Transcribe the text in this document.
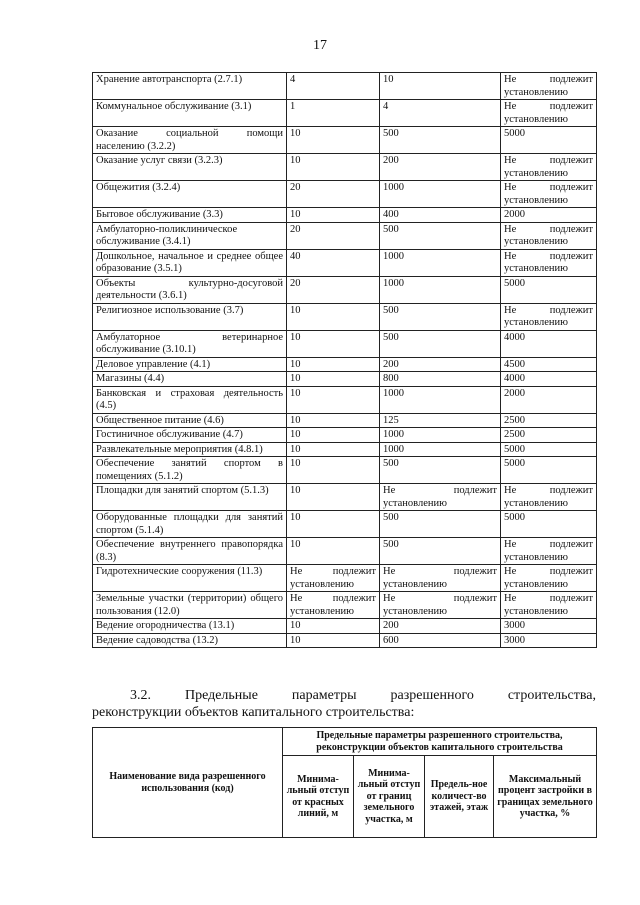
17
Хранение автотранспорта (2.7.1)	4	10	Не подлежит установлению
Коммунальное обслуживание (3.1)	1	4	Не подлежит установлению
Оказание социальной помощи населению (3.2.2)	10	500	5000
Оказание услуг связи (3.2.3)	10	200	Не подлежит установлению
Общежития (3.2.4)	20	1000	Не подлежит установлению
Бытовое обслуживание (3.3)	10	400	2000
Амбулаторно-поликлиническое обслуживание (3.4.1)	20	500	Не подлежит установлению
Дошкольное, начальное и среднее общее образование (3.5.1)	40	1000	Не подлежит установлению
Объекты культурно-досуговой деятельности (3.6.1)	20	1000	5000
Религиозное использование (3.7)	10	500	Не подлежит установлению
Амбулаторное ветеринарное обслуживание (3.10.1)	10	500	4000
Деловое управление (4.1)	10	200	4500
Магазины (4.4)	10	800	4000
Банковская и страховая деятельность (4.5)	10	1000	2000
Общественное питание (4.6)	10	125	2500
Гостиничное обслуживание (4.7)	10	1000	2500
Развлекательные мероприятия (4.8.1)	10	1000	5000
Обеспечение занятий спортом в помещениях (5.1.2)	10	500	5000
Площадки для занятий спортом (5.1.3)	10	Не подлежит установлению	Не подлежит установлению
Оборудованные площадки для занятий спортом (5.1.4)	10	500	5000
Обеспечение внутреннего правопорядка (8.3)	10	500	Не подлежит установлению
Гидротехнические сооружения (11.3)	Не подлежит установлению	Не подлежит установлению	Не подлежит установлению
Земельные участки (территории) общего пользования (12.0)	Не подлежит установлению	Не подлежит установлению	Не подлежит установлению
Ведение огородничества (13.1)	10	200	3000
Ведение садоводства (13.2)	10	600	3000
3.2. Предельные параметры разрешенного строительства,
реконструкции объектов капитального строительства:
Наименование вида разрешенного использования (код)	Предельные параметры разрешенного строительства, реконструкции объектов капитального строительства			
	Минима-льный отступ от красных линий, м	Минима-льный отступ от границ земельного участка, м	Предель-ное количест-во этажей, этаж	Максимальный процент застройки в границах земельного участка, %
